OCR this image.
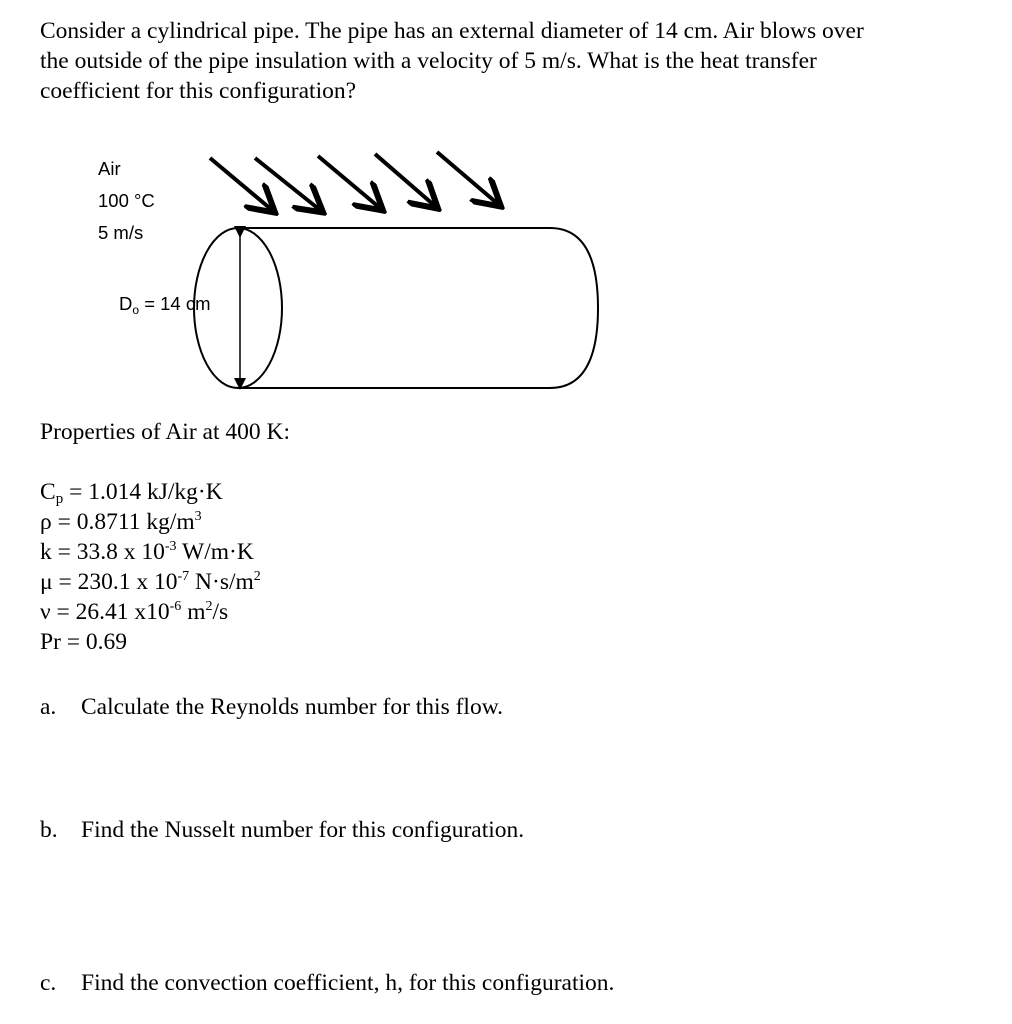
Consider a cylindrical pipe. The pipe has an external diameter of 14 cm. Air blows over
the outside of the pipe insulation with a velocity of 5 m/s. What is the heat transfer
coefficient for this configuration?
Air
100 °C
5 m/s
$D_o = 14$ cm
Properties of Air at 400 K:
$C_p = 1.014$ kJ/kg·K
ρ = 0.8711 $kg/m^3$
k = 33.8 x $10^{-3}$ W/m·K
μ = 230.1 x $10^{-7}$ $N\cdot s/m^2$
ν = 26.41 $x10^{-6}$ $m^2/s$
Pr = 0.69
a. Calculate the Reynolds number for this flow.
b. Find the Nusselt number for this configuration.
c. Find the convection coefficient, h, for this configuration.
